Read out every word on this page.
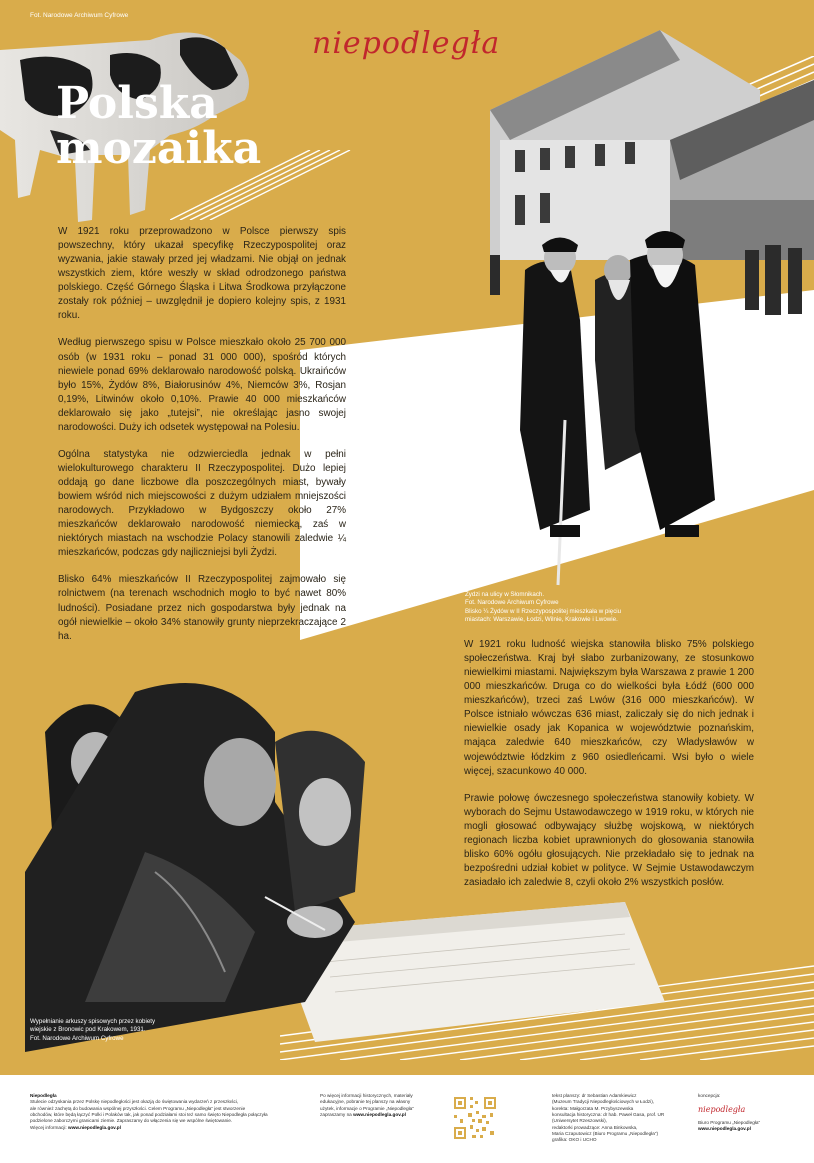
Fot. Narodowe Archiwum Cyfrowe
niepodległa
Polska
mozaika

W 1921 roku przeprowadzono w Polsce pierwszy spis powszechny, który ukazał specyfikę Rzeczypospolitej oraz wyzwania, jakie stawały przed jej władzami. Nie objął on jednak wszystkich ziem, które weszły w skład odrodzonego państwa polskiego. Część Górnego Śląska i Litwa Środkowa przyłączone zostały rok później – uwzględnił je dopiero kolejny spis, z 1931 roku.

Według pierwszego spisu w Polsce mieszkało około 25 700 000 osób (w 1931 roku – ponad 31 000 000), spośród których niewiele ponad 69% deklarowało narodowość polską. Ukraińców było 15%, Żydów 8%, Białorusinów 4%, Niemców 3%, Rosjan 0,19%, Litwinów około 0,10%. Prawie 40 000 mieszkańców deklarowało się jako „tutejsi”, nie określając jasno swojej narodowości. Duży ich odsetek występował na Polesiu.

Ogólna statystyka nie odzwierciedla jednak w pełni wielokulturowego charakteru II Rzeczypospolitej. Dużo lepiej oddają go dane liczbowe dla poszczególnych miast, bywały bowiem wśród nich miejscowości z dużym udziałem mniejszości narodowych. Przykładowo w Bydgoszczy około 27% mieszkańców deklarowało narodowość niemiecką, zaś w niektórych miastach na wschodzie Polacy stanowili zaledwie ¼ mieszkańców, podczas gdy najliczniejsi byli Żydzi.

Blisko 64% mieszkańców II Rzeczypospolitej zajmowało się rolnictwem (na terenach wschodnich mogło to być nawet 80% ludności). Posiadane przez nich gospodarstwa były jednak na ogół niewielkie – około 34% stanowiły grunty nieprzekraczające 2 ha.

Żydzi na ulicy w Słomnikach.
Fot. Narodowe Archiwum Cyfrowe
Blisko ¼ Żydów w II Rzeczypospolitej mieszkała w pięciu
miastach: Warszawie, Łodzi, Wilnie, Krakowie i Lwowie.

W 1921 roku ludność wiejska stanowiła blisko 75% polskiego społeczeństwa. Kraj był słabo zurbanizowany, ze stosunkowo niewielkimi miastami. Największym była Warszawa z prawie 1 200 000 mieszkańców. Druga co do wielkości była Łódź (600 000 mieszkańców), trzeci zaś Lwów (316 000 mieszkańców). W Polsce istniało wówczas 636 miast, zaliczały się do nich jednak i niewielkie osady jak Kopanica w województwie poznańskim, mająca zaledwie 640 mieszkańców, czy Władysławów w województwie łódzkim z 960 osiedleńcami. Wsi było o wiele więcej, szacunkowo 40 000.

Prawie połowę ówczesnego społeczeństwa stanowiły kobiety. W wyborach do Sejmu Ustawodawczego w 1919 roku, w których nie mogli głosować odbywający służbę wojskową, w niektórych regionach liczba kobiet uprawnionych do głosowania stanowiła blisko 60% ogółu głosujących. Nie przekładało się to jednak na bezpośredni udział kobiet w polityce. W Sejmie Ustawodawczym zasiadało ich zaledwie 8, czyli około 2% wszystkich posłów.

Wypełnianie arkuszy spisowych przez kobiety
wiejskie z Bronowic pod Krakowem, 1931.
Fot. Narodowe Archiwum Cyfrowe
Niepodległa
Stulecie odzyskania przez Polskę niepodległości jest okazją do świętowania wydarzeń z przeszłości,
ale również zachętą do budowania wspólnej przyszłości. Celem Programu „Niepodległa” jest stworzenie
obchodów, które będą łączyć Polki i Polaków tak, jak ponad podziałami stoi też samo święto Niepodległa połączyła
podzielone zaborczymi granicami ziemie. Zapraszamy do włączenia się we wspólne świętowanie.
Więcej informacji: www.niepodlegla.gov.pl
Po więcej informacji historycznych, materiały
edukacyjne, pobranie tej planszy na własny
użytek, informacje o Programie „Niepodległa”
zapraszamy na www.niepodlegla.gov.pl
tekst planszy: dr Sebastian Adamkiewicz
(Muzeum Tradycji Niepodległościowych w Łodzi),
korekta: Małgorzata M. Przybyszewska
konsultacja historyczna: dr hab. Paweł Gasa, prof. UR
(Uniwersytet Rzeszowski),
redaktorki prowadzące: Anna Binkowska,
Maria Czaputowicz (Biuro Programu „Niepodległa”)
grafika: OKO i UCHO
koncepcja:
niepodległa
Biuro Programu „Niepodległa”
www.niepodlegla.gov.pl
